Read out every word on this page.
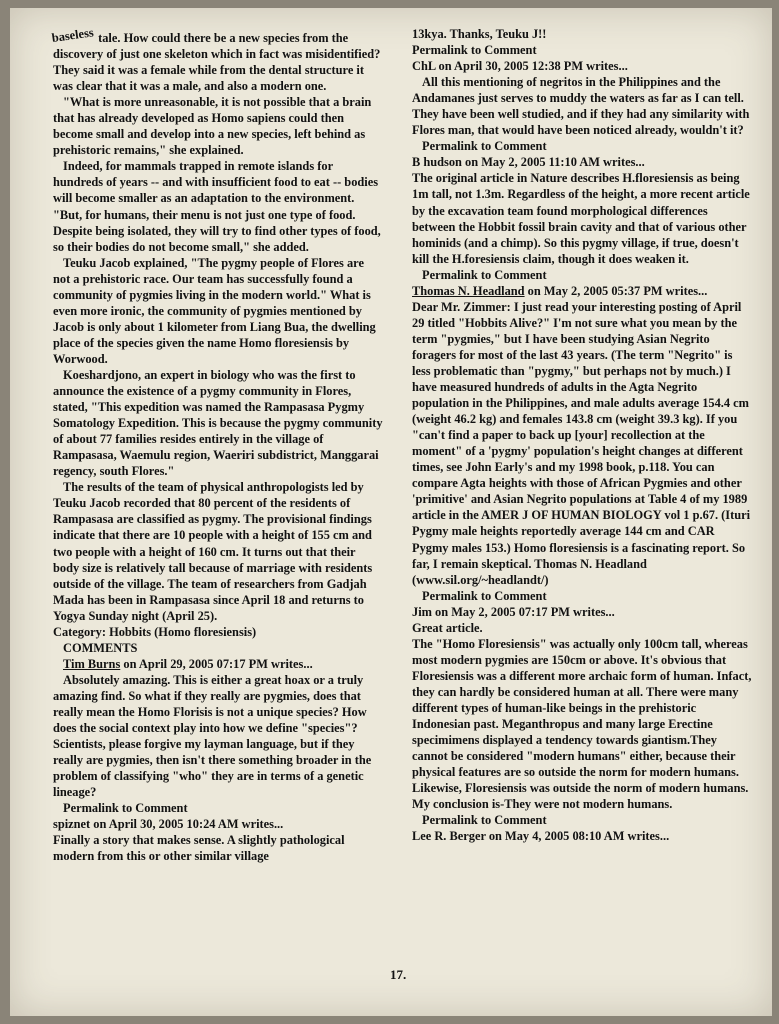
baseless tale. How could there be a new species from the discovery of just one skeleton which in fact was misidentified? They said it was a female while from the dental structure it was clear that it was a male, and also a modern one.

"What is more unreasonable, it is not possible that a brain that has already developed as Homo sapiens could then become small and develop into a new species, left behind as prehistoric remains," she explained.

Indeed, for mammals trapped in remote islands for hundreds of years -- and with insufficient food to eat -- bodies will become smaller as an adaptation to the environment. "But, for humans, their menu is not just one type of food. Despite being isolated, they will try to find other types of food, so their bodies do not become small," she added.

Teuku Jacob explained, "The pygmy people of Flores are not a prehistoric race. Our team has successfully found a community of pygmies living in the modern world." What is even more ironic, the community of pygmies mentioned by Jacob is only about 1 kilometer from Liang Bua, the dwelling place of the species given the name Homo floresiensis by Worwood.

Koeshardjono, an expert in biology who was the first to announce the existence of a pygmy community in Flores, stated, "This expedition was named the Rampasasa Pygmy Somatology Expedition. This is because the pygmy community of about 77 families resides entirely in the village of Rampasasa, Waemulu region, Waeriri subdistrict, Manggarai regency, south Flores."

The results of the team of physical anthropologists led by Teuku Jacob recorded that 80 percent of the residents of Rampasasa are classified as pygmy. The provisional findings indicate that there are 10 people with a height of 155 cm and two people with a height of 160 cm. It turns out that their body size is relatively tall because of marriage with residents outside of the village. The team of researchers from Gadjah Mada has been in Rampasasa since April 18 and returns to Yogya Sunday night (April 25).

Category: Hobbits (Homo floresiensis)

COMMENTS

Tim Burns on April 29, 2005 07:17 PM writes...

Absolutely amazing. This is either a great hoax or a truly amazing find. So what if they really are pygmies, does that really mean the Homo Florisis is not a unique species? How does the social context play into how we define "species"? Scientists, please forgive my layman language, but if they really are pygmies, then isn't there something broader in the problem of classifying "who" they are in terms of a genetic lineage?

Permalink to Comment

spiznet on April 30, 2005 10:24 AM writes...

Finally a story that makes sense. A slightly pathological modern from this or other similar village

13kya. Thanks, Teuku J!!

Permalink to Comment

ChL on April 30, 2005 12:38 PM writes...

All this mentioning of negritos in the Philippines and the Andamanes just serves to muddy the waters as far as I can tell. They have been well studied, and if they had any similarity with Flores man, that would have been noticed already, wouldn't it?

Permalink to Comment

B hudson on May 2, 2005 11:10 AM writes...

The original article in Nature describes H.floresiensis as being 1m tall, not 1.3m. Regardless of the height, a more recent article by the excavation team found morphological differences between the Hobbit fossil brain cavity and that of various other hominids (and a chimp). So this pygmy village, if true, doesn't kill the H.foresiensis claim, though it does weaken it.

Permalink to Comment

Thomas N. Headland on May 2, 2005 05:37 PM writes...

Dear Mr. Zimmer: I just read your interesting posting of April 29 titled "Hobbits Alive?" I'm not sure what you mean by the term "pygmies," but I have been studying Asian Negrito foragers for most of the last 43 years. (The term "Negrito" is less problematic than "pygmy," but perhaps not by much.) I have measured hundreds of adults in the Agta Negrito population in the Philippines, and male adults average 154.4 cm (weight 46.2 kg) and females 143.8 cm (weight 39.3 kg). If you "can't find a paper to back up [your] recollection at the moment" of a 'pygmy' population's height changes at different times, see John Early's and my 1998 book, p.118. You can compare Agta heights with those of African Pygmies and other 'primitive' and Asian Negrito populations at Table 4 of my 1989 article in the AMER J OF HUMAN BIOLOGY vol 1 p.67. (Ituri Pygmy male heights reportedly average 144 cm and CAR Pygmy males 153.) Homo floresiensis is a fascinating report. So far, I remain skeptical. Thomas N. Headland (www.sil.org/~headlandt/)

Permalink to Comment

Jim on May 2, 2005 07:17 PM writes...

Great article.

The "Homo Floresiensis" was actually only 100cm tall, whereas most modern pygmies are 150cm or above. It's obvious that Floresiensis was a different more archaic form of human. Infact, they can hardly be considered human at all. There were many different types of human-like beings in the prehistoric Indonesian past. Meganthropus and many large Erectine specimimens displayed a tendency towards giantism.They cannot be considered "modern humans" either, because their physical features are so outside the norm for modern humans. Likewise, Floresiensis was outside the norm of modern humans. My conclusion is-They were not modern humans.

Permalink to Comment

Lee R. Berger on May 4, 2005 08:10 AM writes...

17.
